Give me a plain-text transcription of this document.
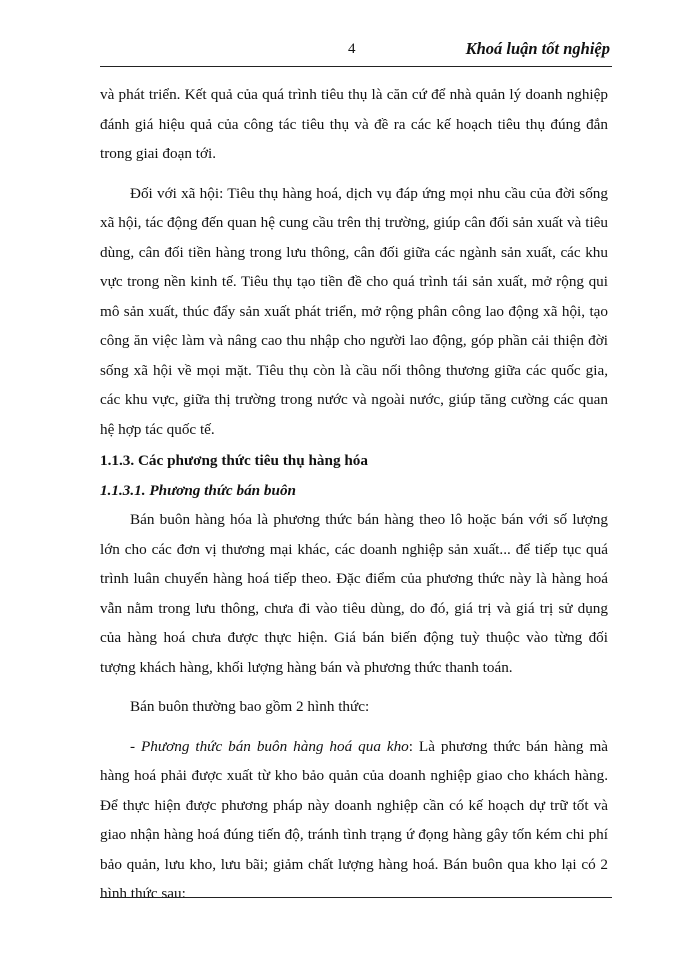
4	Khoá luận tốt nghiệp

và phát triển. Kết quả của quá trình tiêu thụ là căn cứ để nhà quản lý doanh nghiệp đánh giá hiệu quả của công tác tiêu thụ và đề ra các kế hoạch tiêu thụ đúng đắn trong giai đoạn tới.

Đối với xã hội: Tiêu thụ hàng hoá, dịch vụ đáp ứng mọi nhu cầu của đời sống xã hội, tác động đến quan hệ cung cầu trên thị trường, giúp cân đối sản xuất và tiêu dùng, cân đối tiền hàng trong lưu thông, cân đối giữa các ngành sản xuất, các khu vực trong nền kinh tế. Tiêu thụ tạo tiền đề cho quá trình tái sản xuất, mở rộng qui mô sản xuất, thúc đẩy sản xuất phát triển, mở rộng phân công lao động xã hội, tạo công ăn việc làm và nâng cao thu nhập cho người lao động, góp phần cải thiện đời sống xã hội về mọi mặt. Tiêu thụ còn là cầu nối thông thương giữa các quốc gia, các khu vực, giữa thị trường trong nước và ngoài nước, giúp tăng cường các quan hệ hợp tác quốc tế.

1.1.3. Các phương thức tiêu thụ hàng hóa

1.1.3.1. Phương thức bán buôn

Bán buôn hàng hóa là phương thức bán hàng theo lô hoặc bán với số lượng lớn cho các đơn vị thương mại khác, các doanh nghiệp sản xuất... để tiếp tục quá trình luân chuyển hàng hoá tiếp theo. Đặc điểm của phương thức này là hàng hoá vẫn nằm trong lưu thông, chưa đi vào tiêu dùng, do đó, giá trị và giá trị sử dụng của hàng hoá chưa được thực hiện. Giá bán biến động tuỳ thuộc vào từng đối tượng khách hàng, khối lượng hàng bán và phương thức thanh toán.

Bán buôn thường bao gồm 2 hình thức:

- Phương thức bán buôn hàng hoá qua kho: Là phương thức bán hàng mà hàng hoá phải được xuất từ kho bảo quản của doanh nghiệp giao cho khách hàng. Để thực hiện được phương pháp này doanh nghiệp cần có kế hoạch dự trữ tốt và giao nhận hàng hoá đúng tiến độ, tránh tình trạng ứ đọng hàng gây tốn kém chi phí bảo quản, lưu kho, lưu bãi; giảm chất lượng hàng hoá. Bán buôn qua kho lại có 2 hình thức sau:
